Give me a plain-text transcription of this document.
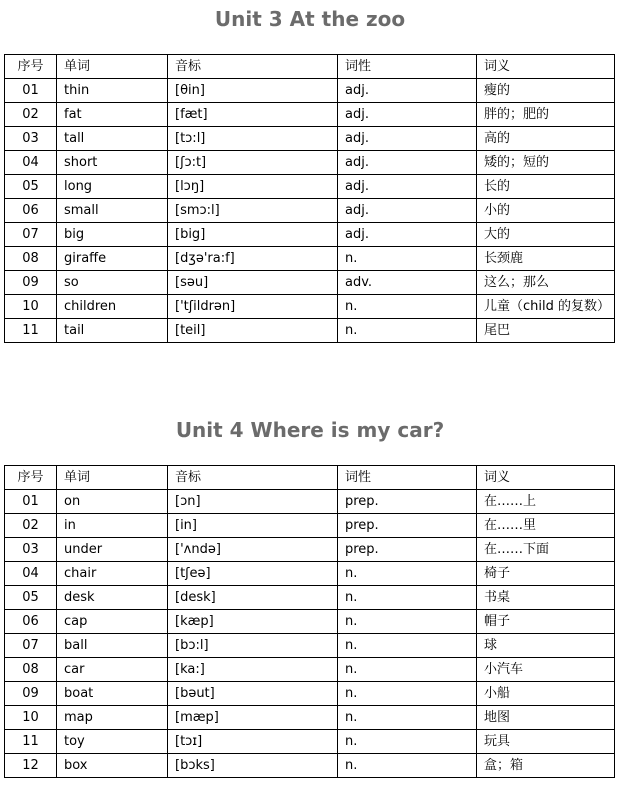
Unit 3 At the zoo
序号	单词	音标	词性	词义
01	thin	[θin]	adj.	瘦的
02	fat	[fæt]	adj.	胖的；肥的
03	tall	[tɔ:l]	adj.	高的
04	short	[ʃɔ:t]	adj.	矮的；短的
05	long	[lɔŋ]	adj.	长的
06	small	[smɔ:l]	adj.	小的
07	big	[big]	adj.	大的
08	giraffe	[dʒə'ra:f]	n.	长颈鹿
09	so	[səu]	adv.	这么；那么
10	children	['tʃildrən]	n.	儿童（child 的复数）
11	tail	[teil]	n.	尾巴
Unit 4 Where is my car?
序号	单词	音标	词性	词义
01	on	[ɔn]	prep.	在……上
02	in	[in]	prep.	在……里
03	under	['ʌndə]	prep.	在……下面
04	chair	[tʃeə]	n.	椅子
05	desk	[desk]	n.	书桌
06	cap	[kæp]	n.	帽子
07	ball	[bɔ:l]	n.	球
08	car	[ka:]	n.	小汽车
09	boat	[bəut]	n.	小船
10	map	[mæp]	n.	地图
11	toy	[tɔɪ]	n.	玩具
12	box	[bɔks]	n.	盒；箱
